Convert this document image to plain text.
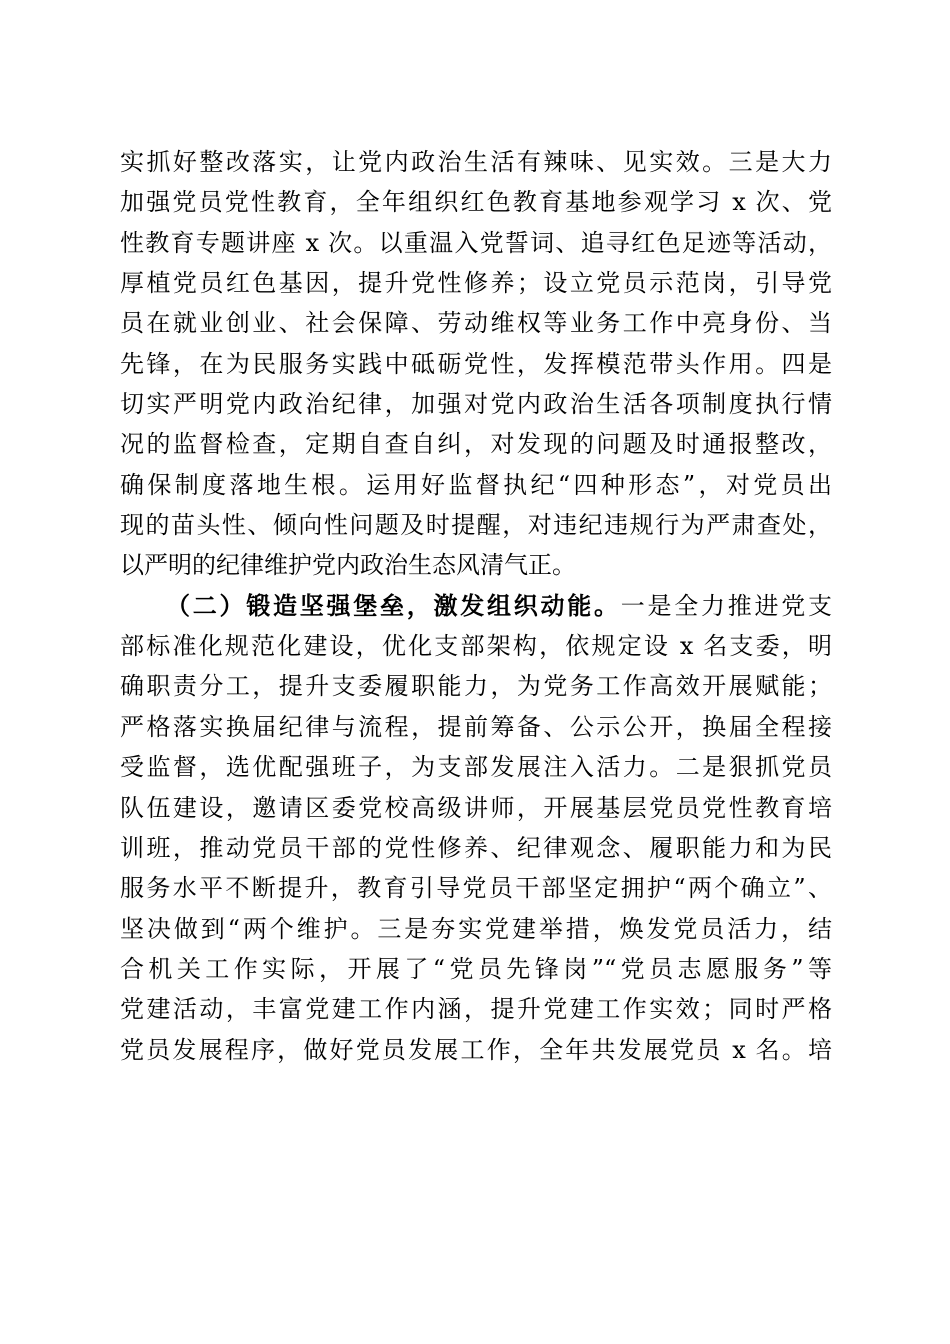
实抓好整改落实，让党内政治生活有辣味、见实效。三是大力
加强党员党性教育，全年组织红色教育基地参观学习 x 次、党
性教育专题讲座 x 次。以重温入党誓词、追寻红色足迹等活动，
厚植党员红色基因，提升党性修养；设立党员示范岗，引导党
员在就业创业、社会保障、劳动维权等业务工作中亮身份、当
先锋，在为民服务实践中砥砺党性，发挥模范带头作用。四是
切实严明党内政治纪律，加强对党内政治生活各项制度执行情
况的监督检查，定期自查自纠，对发现的问题及时通报整改，
确保制度落地生根。运用好监督执纪“四种形态”，对党员出
现的苗头性、倾向性问题及时提醒，对违纪违规行为严肃查处，
以严明的纪律维护党内政治生态风清气正。
（二）锻造坚强堡垒，激发组织动能。一是全力推进党支
部标准化规范化建设，优化支部架构，依规定设 x 名支委，明
确职责分工，提升支委履职能力，为党务工作高效开展赋能；
严格落实换届纪律与流程，提前筹备、公示公开，换届全程接
受监督，选优配强班子，为支部发展注入活力。二是狠抓党员
队伍建设，邀请区委党校高级讲师，开展基层党员党性教育培
训班，推动党员干部的党性修养、纪律观念、履职能力和为民
服务水平不断提升，教育引导党员干部坚定拥护“两个确立”、
坚决做到“两个维护。三是夯实党建举措，焕发党员活力，结
合机关工作实际，开展了“党员先锋岗”“党员志愿服务”等
党建活动，丰富党建工作内涵，提升党建工作实效；同时严格
党员发展程序，做好党员发展工作，全年共发展党员 x 名。培
